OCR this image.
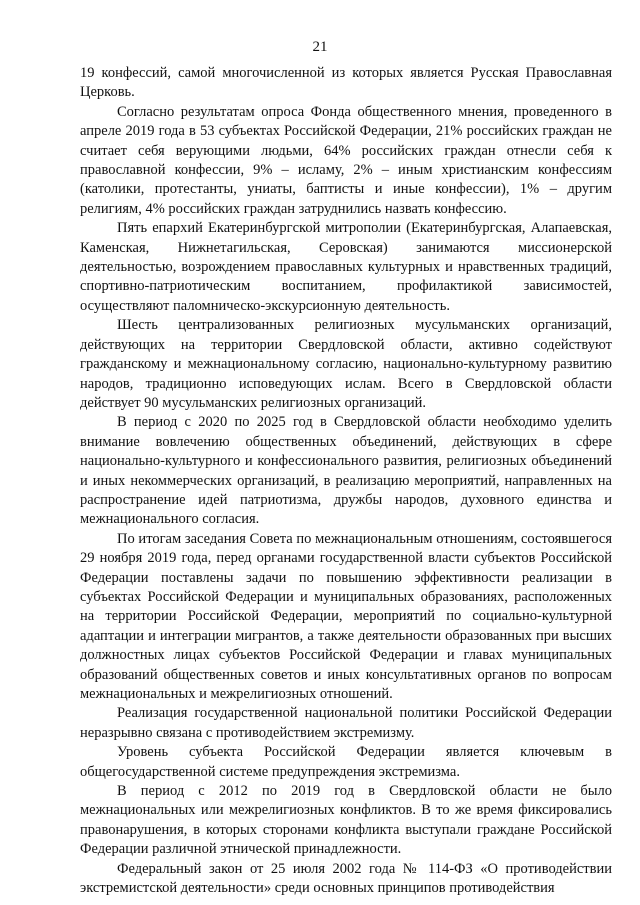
21

19 конфессий, самой многочисленной из которых является Русская Православная Церковь.

Согласно результатам опроса Фонда общественного мнения, проведенного в апреле 2019 года в 53 субъектах Российской Федерации, 21% российских граждан не считает себя верующими людьми, 64% российских граждан отнесли себя к православной конфессии, 9% – исламу, 2% – иным христианским конфессиям (католики, протестанты, униаты, баптисты и иные конфессии), 1% – другим религиям, 4% российских граждан затруднились назвать конфессию.

Пять епархий Екатеринбургской митрополии (Екатеринбургская, Алапаевская, Каменская, Нижнетагильская, Серовская) занимаются миссионерской деятельностью, возрождением православных культурных и нравственных традиций, спортивно-патриотическим воспитанием, профилактикой зависимостей, осуществляют паломническо-экскурсионную деятельность.

Шесть централизованных религиозных мусульманских организаций, действующих на территории Свердловской области, активно содействуют гражданскому и межнациональному согласию, национально-культурному развитию народов, традиционно исповедующих ислам. Всего в Свердловской области действует 90 мусульманских религиозных организаций.

В период с 2020 по 2025 год в Свердловской области необходимо уделить внимание вовлечению общественных объединений, действующих в сфере национально-культурного и конфессионального развития, религиозных объединений и иных некоммерческих организаций, в реализацию мероприятий, направленных на распространение идей патриотизма, дружбы народов, духовного единства и межнационального согласия.

По итогам заседания Совета по межнациональным отношениям, состоявшегося 29 ноября 2019 года, перед органами государственной власти субъектов Российской Федерации поставлены задачи по повышению эффективности реализации в субъектах Российской Федерации и муниципальных образованиях, расположенных на территории Российской Федерации, мероприятий по социально-культурной адаптации и интеграции мигрантов, а также деятельности образованных при высших должностных лицах субъектов Российской Федерации и главах муниципальных образований общественных советов и иных консультативных органов по вопросам межнациональных и межрелигиозных отношений.

Реализация государственной национальной политики Российской Федерации неразрывно связана с противодействием экстремизму.

Уровень субъекта Российской Федерации является ключевым в общегосударственной системе предупреждения экстремизма.

В период с 2012 по 2019 год в Свердловской области не было межнациональных или межрелигиозных конфликтов. В то же время фиксировались правонарушения, в которых сторонами конфликта выступали граждане Российской Федерации различной этнической принадлежности.

Федеральный закон от 25 июля 2002 года № 114-ФЗ «О противодействии экстремистской деятельности» среди основных принципов противодействия
